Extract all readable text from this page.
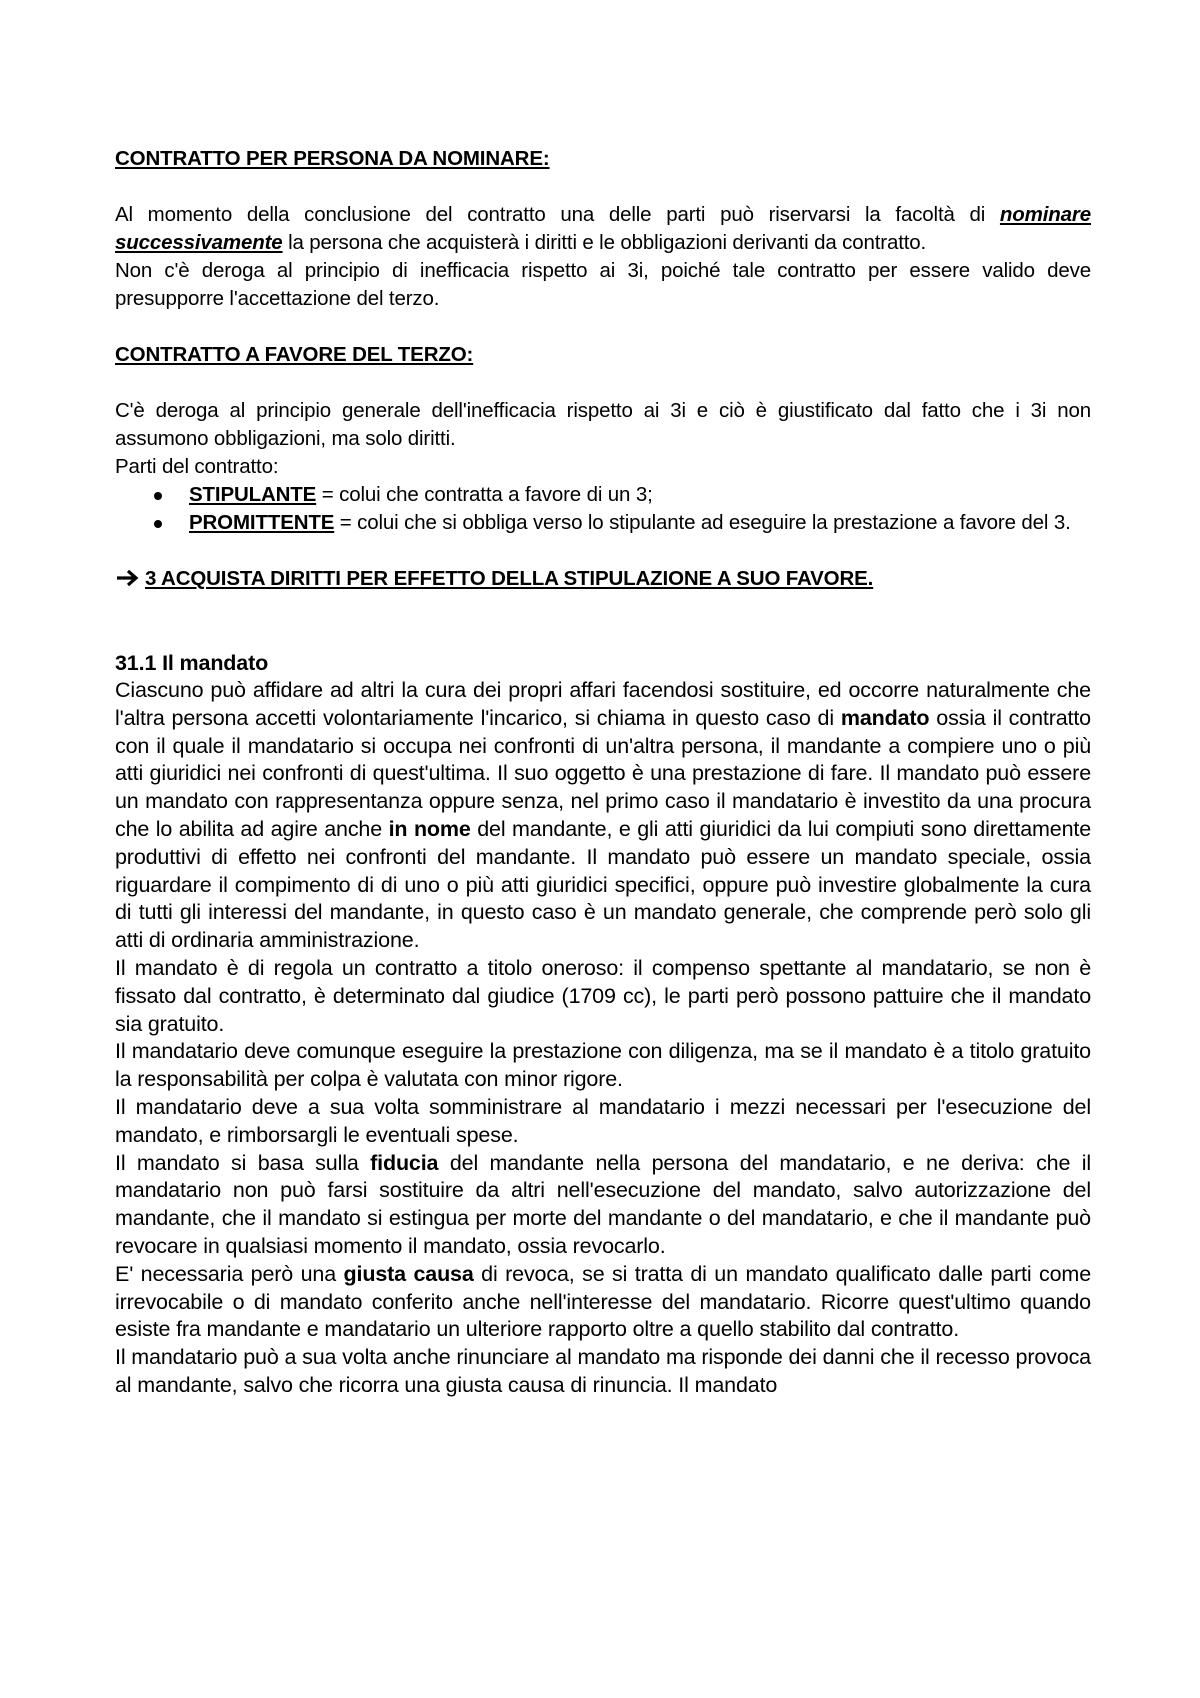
CONTRATTO PER PERSONA DA NOMINARE:

Al momento della conclusione del contratto una delle parti può riservarsi la facoltà di nominare successivamente la persona che acquisterà i diritti e le obbligazioni derivanti da contratto.

Non c'è deroga al principio di inefficacia rispetto ai 3i, poiché tale contratto per essere valido deve presupporre l'accettazione del terzo.

CONTRATTO A FAVORE DEL TERZO:

C'è deroga al principio generale dell'inefficacia rispetto ai 3i e ciò è giustificato dal fatto che i 3i non assumono obbligazioni, ma solo diritti.

Parti del contratto:

STIPULANTE = colui che contratta a favore di un 3;
PROMITTENTE = colui che si obbliga verso lo stipulante ad eseguire la prestazione a favore del 3.

3 ACQUISTA DIRITTI PER EFFETTO DELLA STIPULAZIONE A SUO FAVORE.

31.1 Il mandato

Ciascuno può affidare ad altri la cura dei propri affari facendosi sostituire, ed occorre naturalmente che l'altra persona accetti volontariamente l'incarico, si chiama in questo caso di mandato ossia il contratto con il quale il mandatario si occupa nei confronti di un'altra persona, il mandante a compiere uno o più atti giuridici nei confronti di quest'ultima. Il suo oggetto è una prestazione di fare. Il mandato può essere un mandato con rappresentanza oppure senza, nel primo caso il mandatario è investito da una procura che lo abilita ad agire anche in nome del mandante, e gli atti giuridici da lui compiuti sono direttamente produttivi di effetto nei confronti del mandante. Il mandato può essere un mandato speciale, ossia riguardare il compimento di di uno o più atti giuridici specifici, oppure può investire globalmente la cura di tutti gli interessi del mandante, in questo caso è un mandato generale, che comprende però solo gli atti di ordinaria amministrazione.

Il mandato è di regola un contratto a titolo oneroso: il compenso spettante al mandatario, se non è fissato dal contratto, è determinato dal giudice (1709 cc), le parti però possono pattuire che il mandato sia gratuito.

Il mandatario deve comunque eseguire la prestazione con diligenza, ma se il mandato è a titolo gratuito la responsabilità per colpa è valutata con minor rigore.

Il mandatario deve a sua volta somministrare al mandatario i mezzi necessari per l'esecuzione del mandato, e rimborsargli le eventuali spese.

Il mandato si basa sulla fiducia del mandante nella persona del mandatario, e ne deriva: che il mandatario non può farsi sostituire da altri nell'esecuzione del mandato, salvo autorizzazione del mandante, che il mandato si estingua per morte del mandante o del mandatario, e che il mandante può revocare in qualsiasi momento il mandato, ossia revocarlo.

E' necessaria però una giusta causa di revoca, se si tratta di un mandato qualificato dalle parti come irrevocabile o di mandato conferito anche nell'interesse del mandatario. Ricorre quest'ultimo quando esiste fra mandante e mandatario un ulteriore rapporto oltre a quello stabilito dal contratto.

Il mandatario può a sua volta anche rinunciare al mandato ma risponde dei danni che il recesso provoca al mandante, salvo che ricorra una giusta causa di rinuncia. Il mandato
